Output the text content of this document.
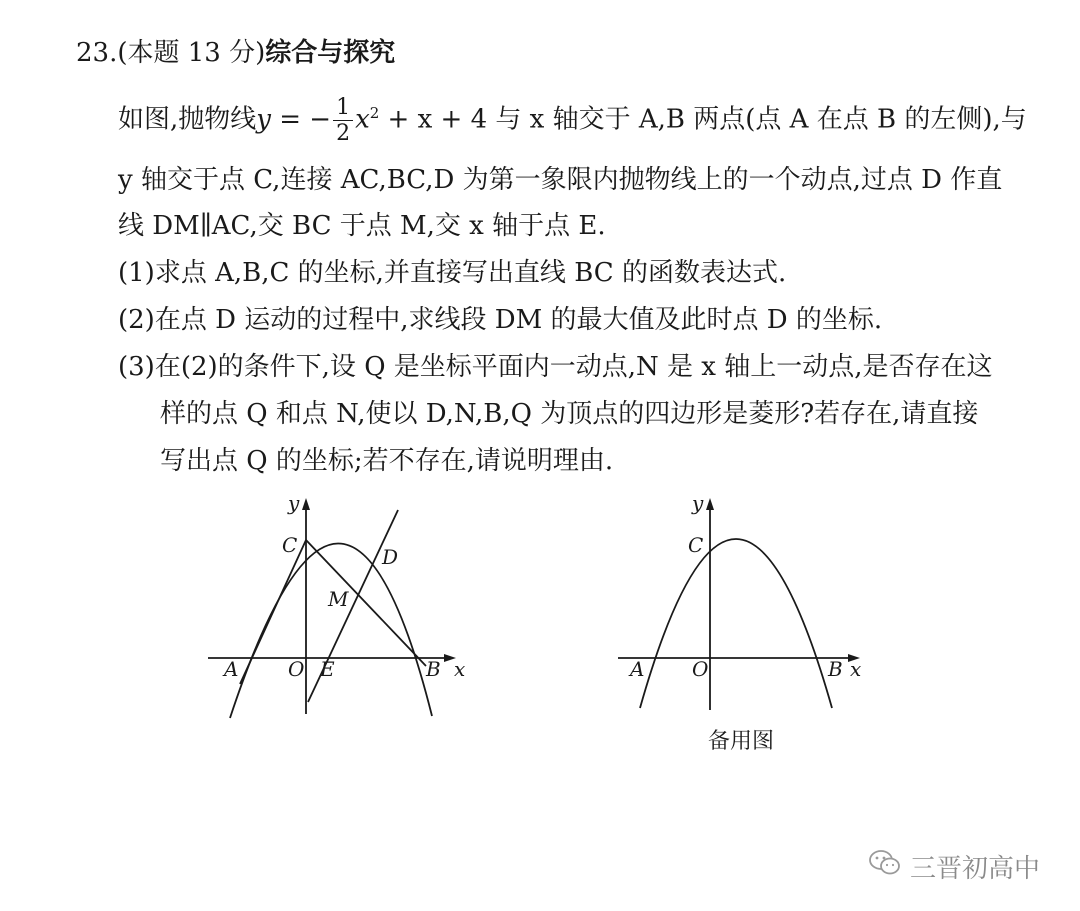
23.(本题 13 分)综合与探究
如图,抛物线y = − $\frac{1}{2} x^2 + x + 4$ 与 x 轴交于 A,B 两点(点 A 在点 B 的左侧),与
y 轴交于点 C,连接 AC,BC,D 为第一象限内抛物线上的一个动点,过点 D 作直
线 DM∥AC,交 BC 于点 M,交 x 轴于点 E.
(1)求点 A,B,C 的坐标,并直接写出直线 BC 的函数表达式.
(2)在点 D 运动的过程中,求线段 DM 的最大值及此时点 D 的坐标.
(3)在(2)的条件下,设 Q 是坐标平面内一动点,N 是 x 轴上一动点,是否存在这
样的点 Q 和点 N,使以 D,N,B,Q 为顶点的四边形是菱形?若存在,请直接
写出点 Q 的坐标;若不存在,请说明理由.
y
x
C	D
M
A O E	B
y
x
C
A O	B
备用图
三晋初高中
